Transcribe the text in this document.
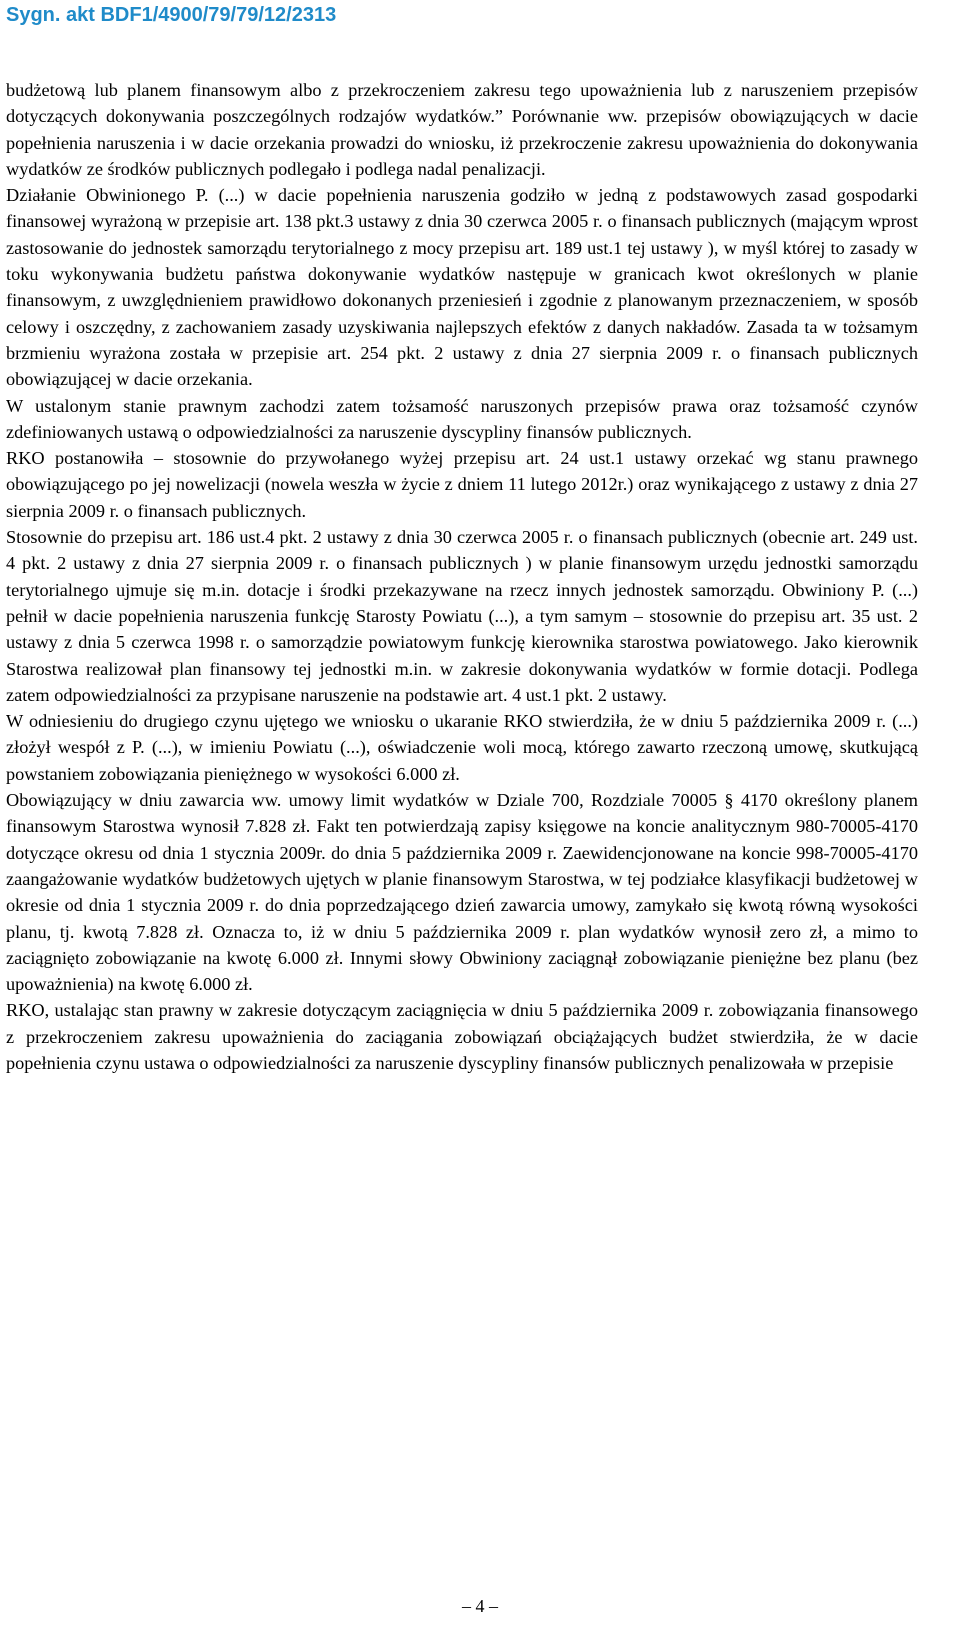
Sygn. akt BDF1/4900/79/79/12/2313

budżetową lub planem finansowym albo z przekroczeniem zakresu tego upoważnienia lub z naruszeniem przepisów dotyczących dokonywania poszczególnych rodzajów wydatków.” Porównanie ww. przepisów obowiązujących w dacie popełnienia naruszenia i w dacie orzekania prowadzi do wniosku, iż przekroczenie zakresu upoważnienia do dokonywania wydatków ze środków publicznych podlegało i podlega nadal penalizacji.

Działanie Obwinionego P. (...) w dacie popełnienia naruszenia godziło w jedną z podstawowych zasad gospodarki finansowej wyrażoną w przepisie art. 138 pkt.3 ustawy z dnia 30 czerwca 2005 r. o finansach publicznych (mającym wprost zastosowanie do jednostek samorządu terytorialnego z mocy przepisu art. 189 ust.1 tej ustawy ), w myśl której to zasady w toku wykonywania budżetu państwa dokonywanie wydatków następuje w granicach kwot określonych w planie finansowym, z uwzględnieniem prawidłowo dokonanych przeniesień i zgodnie z planowanym przeznaczeniem, w sposób celowy i oszczędny, z zachowaniem zasady uzyskiwania najlepszych efektów z danych nakładów. Zasada ta w tożsamym brzmieniu wyrażona została w przepisie art. 254 pkt. 2 ustawy z dnia 27 sierpnia 2009 r. o finansach publicznych obowiązującej w dacie orzekania.

W ustalonym stanie prawnym zachodzi zatem tożsamość naruszonych przepisów prawa oraz tożsamość czynów zdefiniowanych ustawą o odpowiedzialności za naruszenie dyscypliny finansów publicznych.

RKO postanowiła – stosownie do przywołanego wyżej przepisu art. 24 ust.1 ustawy orzekać wg stanu prawnego obowiązującego po jej nowelizacji (nowela weszła w życie z dniem 11 lutego 2012r.) oraz wynikającego z ustawy z dnia 27 sierpnia 2009 r. o finansach publicznych.

Stosownie do przepisu art. 186 ust.4 pkt. 2 ustawy z dnia 30 czerwca 2005 r. o finansach publicznych (obecnie art. 249 ust. 4 pkt. 2 ustawy z dnia 27 sierpnia 2009 r. o finansach publicznych ) w planie finansowym urzędu jednostki samorządu terytorialnego ujmuje się m.in. dotacje i środki przekazywane na rzecz innych jednostek samorządu. Obwiniony P. (...) pełnił w dacie popełnienia naruszenia funkcję Starosty Powiatu (...), a tym samym – stosownie do przepisu art. 35 ust. 2 ustawy z dnia 5 czerwca 1998 r. o samorządzie powiatowym funkcję kierownika starostwa powiatowego. Jako kierownik Starostwa realizował plan finansowy tej jednostki m.in. w zakresie dokonywania wydatków w formie dotacji. Podlega zatem odpowiedzialności za przypisane naruszenie na podstawie art. 4 ust.1 pkt. 2 ustawy.

W odniesieniu do drugiego czynu ujętego we wniosku o ukaranie RKO stwierdziła, że w dniu 5 października 2009 r. (...) złożył wespół z P. (...), w imieniu Powiatu (...), oświadczenie woli mocą, którego zawarto rzeczoną umowę, skutkującą powstaniem zobowiązania pieniężnego w wysokości 6.000 zł.

Obowiązujący w dniu zawarcia ww. umowy limit wydatków w Dziale 700, Rozdziale 70005 § 4170 określony planem finansowym Starostwa wynosił 7.828 zł. Fakt ten potwierdzają zapisy księgowe na koncie analitycznym 980-70005-4170 dotyczące okresu od dnia 1 stycznia 2009r. do dnia 5 października 2009 r. Zaewidencjonowane na koncie 998-70005-4170 zaangażowanie wydatków budżetowych ujętych w planie finansowym Starostwa, w tej podziałce klasyfikacji budżetowej w okresie od dnia 1 stycznia 2009 r. do dnia poprzedzającego dzień zawarcia umowy, zamykało się kwotą równą wysokości planu, tj. kwotą 7.828 zł. Oznacza to, iż w dniu 5 października 2009 r. plan wydatków wynosił zero zł, a mimo to zaciągnięto zobowiązanie na kwotę 6.000 zł. Innymi słowy Obwiniony zaciągnął zobowiązanie pieniężne bez planu (bez upoważnienia) na kwotę 6.000 zł.

RKO, ustalając stan prawny w zakresie dotyczącym zaciągnięcia w dniu 5 października 2009 r. zobowiązania finansowego z przekroczeniem zakresu upoważnienia do zaciągania zobowiązań obciążających budżet stwierdziła, że w dacie popełnienia czynu ustawa o odpowiedzialności za naruszenie dyscypliny finansów publicznych penalizowała w przepisie

– 4 –
